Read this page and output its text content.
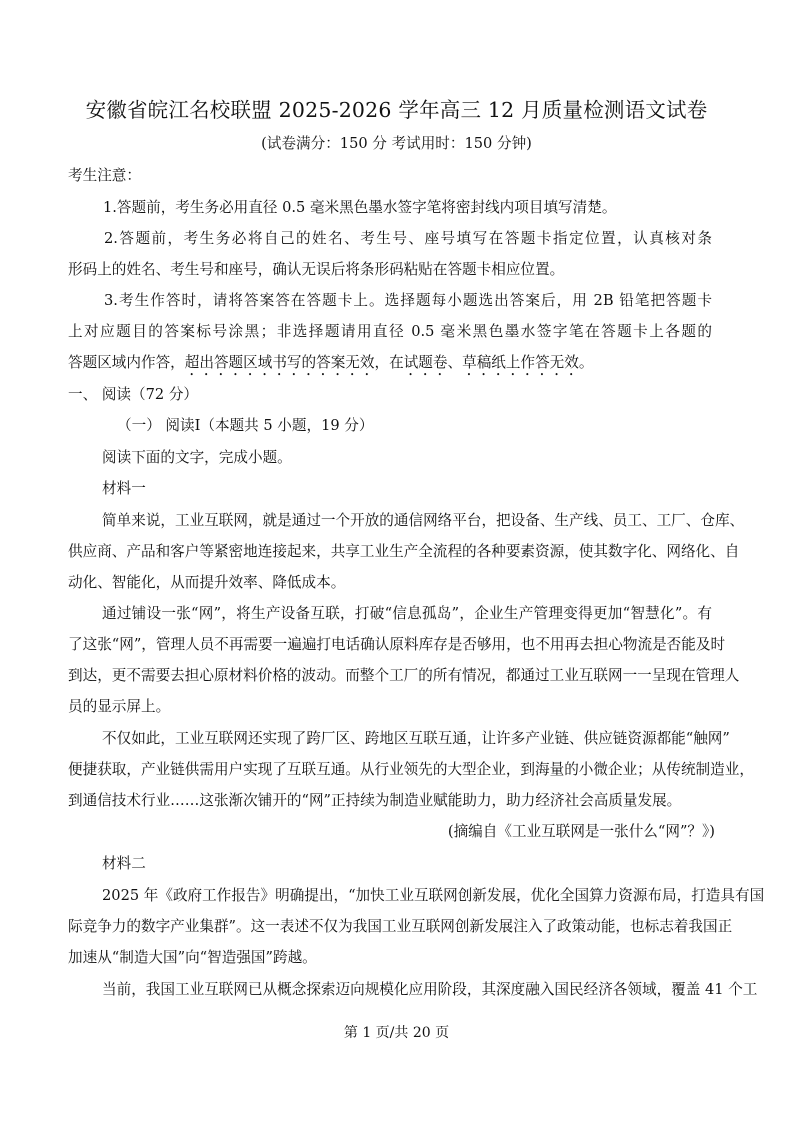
安徽省皖江名校联盟 2025-2026 学年高三 12 月质量检测语文试卷
(试卷满分：150 分 考试用时：150 分钟)
考生注意：
1.答题前，考生务必用直径 0.5 毫米黑色墨水签字笔将密封线内项目填写清楚。
2.答题前，考生务必将自己的姓名、考生号、座号填写在答题卡指定位置，认真核对条
形码上的姓名、考生号和座号，确认无误后将条形码粘贴在答题卡相应位置。
3.考生作答时，请将答案答在答题卡上。选择题每小题选出答案后，用 2B 铅笔把答题卡
上对应题目的答案标号涂黑；非选择题请用直径 0.5 毫米黑色墨水签字笔在答题卡上各题的
答题区域内作答，超出答题区域书写的答案无效，在试题卷、草稿纸上作答无效。
一、 阅读（72 分）
（一） 阅读Ⅰ（本题共 5 小题，19 分）
阅读下面的文字，完成小题。
材料一
简单来说，工业互联网，就是通过一个开放的通信网络平台，把设备、生产线、员工、工厂、仓库、
供应商、产品和客户等紧密地连接起来，共享工业生产全流程的各种要素资源，使其数字化、网络化、自
动化、智能化，从而提升效率、降低成本。
通过铺设一张“网”，将生产设备互联，打破“信息孤岛”，企业生产管理变得更加“智慧化”。有
了这张“网”，管理人员不再需要一遍遍打电话确认原料库存是否够用，也不用再去担心物流是否能及时
到达，更不需要去担心原材料价格的波动。而整个工厂的所有情况，都通过工业互联网一一呈现在管理人
员的显示屏上。
不仅如此，工业互联网还实现了跨厂区、跨地区互联互通，让许多产业链、供应链资源都能“触网”
便捷获取，产业链供需用户实现了互联互通。从行业领先的大型企业，到海量的小微企业；从传统制造业，
到通信技术行业……这张渐次铺开的“网”正持续为制造业赋能助力，助力经济社会高质量发展。
(摘编自《工业互联网是一张什么“网”？》)
材料二
2025 年《政府工作报告》明确提出，“加快工业互联网创新发展，优化全国算力资源布局，打造具有国
际竞争力的数字产业集群”。这一表述不仅为我国工业互联网创新发展注入了政策动能，也标志着我国正
加速从“制造大国”向“智造强国”跨越。
当前，我国工业互联网已从概念探索迈向规模化应用阶段，其深度融入国民经济各领域，覆盖 41 个工
第 1 页/共 20 页
